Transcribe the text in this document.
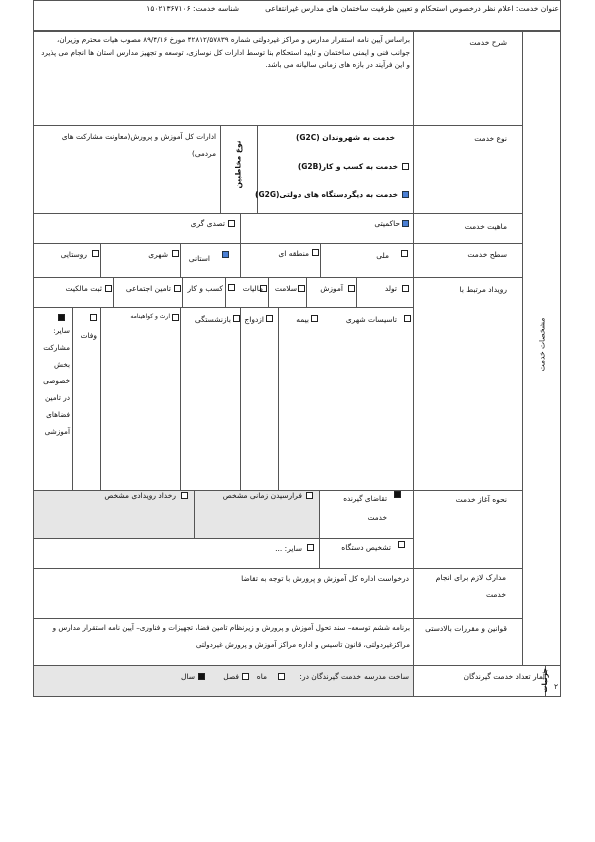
عنوان خدمت: اعلام نظر درخصوص استحکام و تعیین ظرفیت ساختمان های مدارس غیرانتفاعی
شناسه خدمت: ۱۵۰۲۱۳۶۷۱۰۶
مشخصات خدمت
شرح خدمت
براساس آیین نامه استقرار مدارس و مراکز غیردولتی شماره ۴۲۸۱۲/۵۷۸۳۹ مورخ ۸۹/۴/۱۶ مصوب هیات محترم وزیران، جوانب فنی و ایمنی ساختمان و تایید استحکام بنا توسط ادارات کل نوسازی، توسعه و تجهیز مدارس استان ها انجام می پذیرد و این فرآیند در بازه های زمانی سالیانه می باشد.
نوع خدمت
خدمت به شهروندان (G2C)
خدمت به کسب و کار(G2B)
خدمت به دیگردستگاه های دولتی(G2G)
نوع مخاطبین
ادارات کل آموزش و پرورش(معاونت مشارکت های مردمی)
ماهیت خدمت
حاکمیتی
تصدی گری
سطح خدمت
ملی
منطقه ای
استانی
شهری
روستایی
رویداد مرتبط با
تولد
آموزش
سلامت
مالیات
کسب و کار
تامین اجتماعی
ثبت مالکیت
تاسیسات شهری
بیمه
ازدواج
بازنشستگی
ارث و کواهینامه
وفات
سایر: مشارکت بخش خصوصی در تامین فضاهای آموزشی
نحوه آغاز خدمت
تقاضای گیرنده خدمت
فرارسیدن زمانی مشخص
رخداد رویدادی مشخص
تشخیص دستگاه
سایر: ...
مدارک لازم برای انجام خدمت
درخواست اداره کل آموزش و پرورش با توجه به تقاضا
قوانین و مقررات بالادستی
برنامه ششم توسعه– سند تحول آموزش و پرورش و زیرنظام تامین فضا، تجهیزات و فناوری– آیین نامه استقرار مدارس و مراکزغیردولتی، قانون تاسیس و اداره مراکز آموزش و پرورش غیردولتی
آمار تعداد خدمت گیرندگان
جزئیات ۲
ساخت مدرسه
خدمت گیرندگان در:
ماه
فصل
سال
